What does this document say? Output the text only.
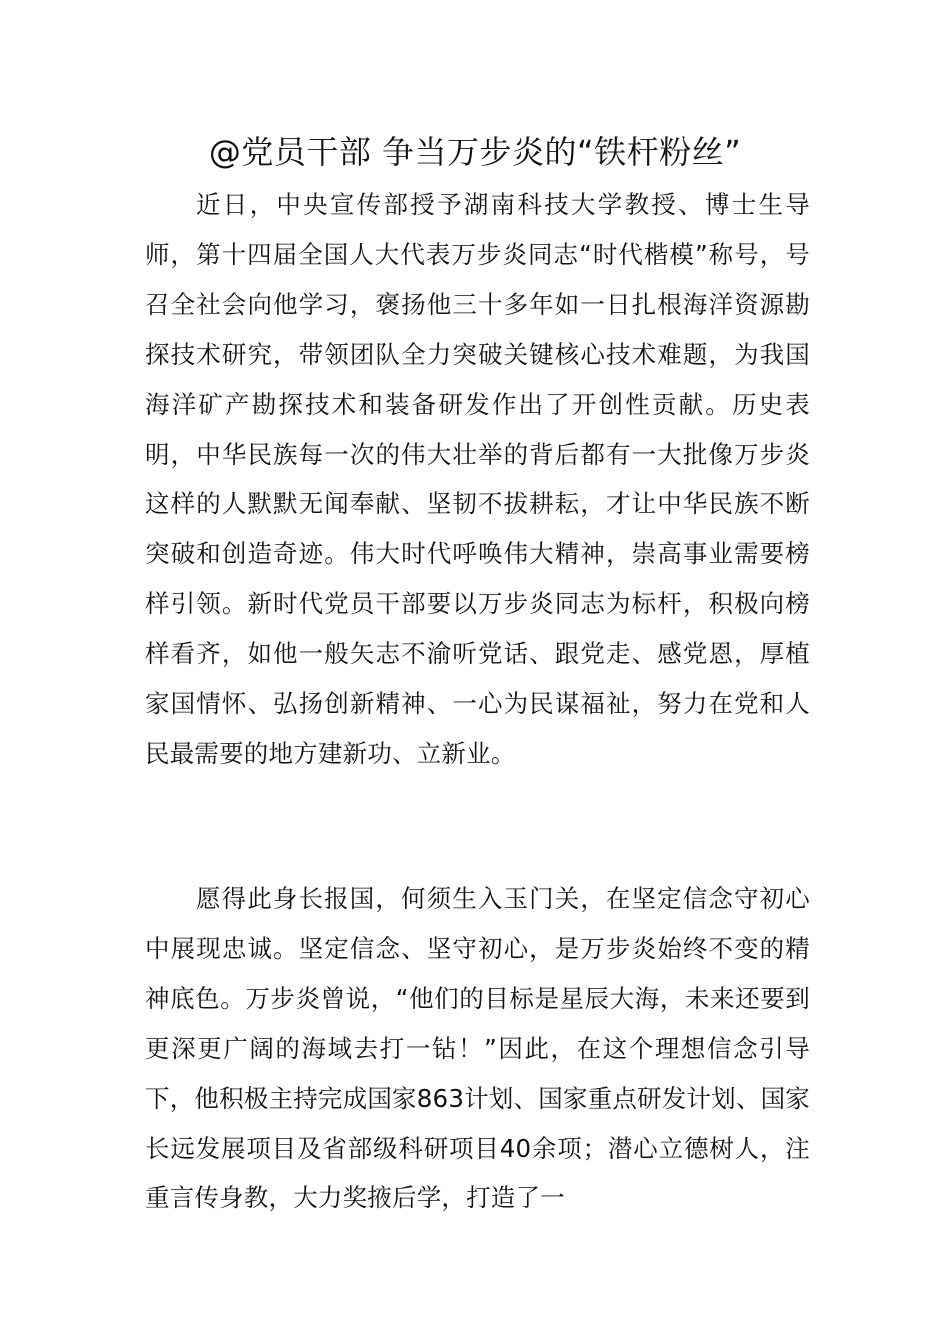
@党员干部 争当万步炎的“铁杆粉丝”

近日，中央宣传部授予湖南科技大学教授、博士生导师，第十四届全国人大代表万步炎同志“时代楷模”称号，号召全社会向他学习，褒扬他三十多年如一日扎根海洋资源勘探技术研究，带领团队全力突破关键核心技术难题，为我国海洋矿产勘探技术和装备研发作出了开创性贡献。历史表明，中华民族每一次的伟大壮举的背后都有一大批像万步炎这样的人默默无闻奉献、坚韧不拔耕耘，才让中华民族不断突破和创造奇迹。伟大时代呼唤伟大精神，崇高事业需要榜样引领。新时代党员干部要以万步炎同志为标杆，积极向榜样看齐，如他一般矢志不渝听党话、跟党走、感党恩，厚植家国情怀、弘扬创新精神、一心为民谋福祉，努力在党和人民最需要的地方建新功、立新业。

愿得此身长报国，何须生入玉门关，在坚定信念守初心中展现忠诚。坚定信念、坚守初心，是万步炎始终不变的精神底色。万步炎曾说，“他们的目标是星辰大海，未来还要到更深更广阔的海域去打一钻！”因此，在这个理想信念引导下，他积极主持完成国家863计划、国家重点研发计划、国家长远发展项目及省部级科研项目40余项；潜心立德树人，注重言传身教，大力奖掖后学，打造了一
